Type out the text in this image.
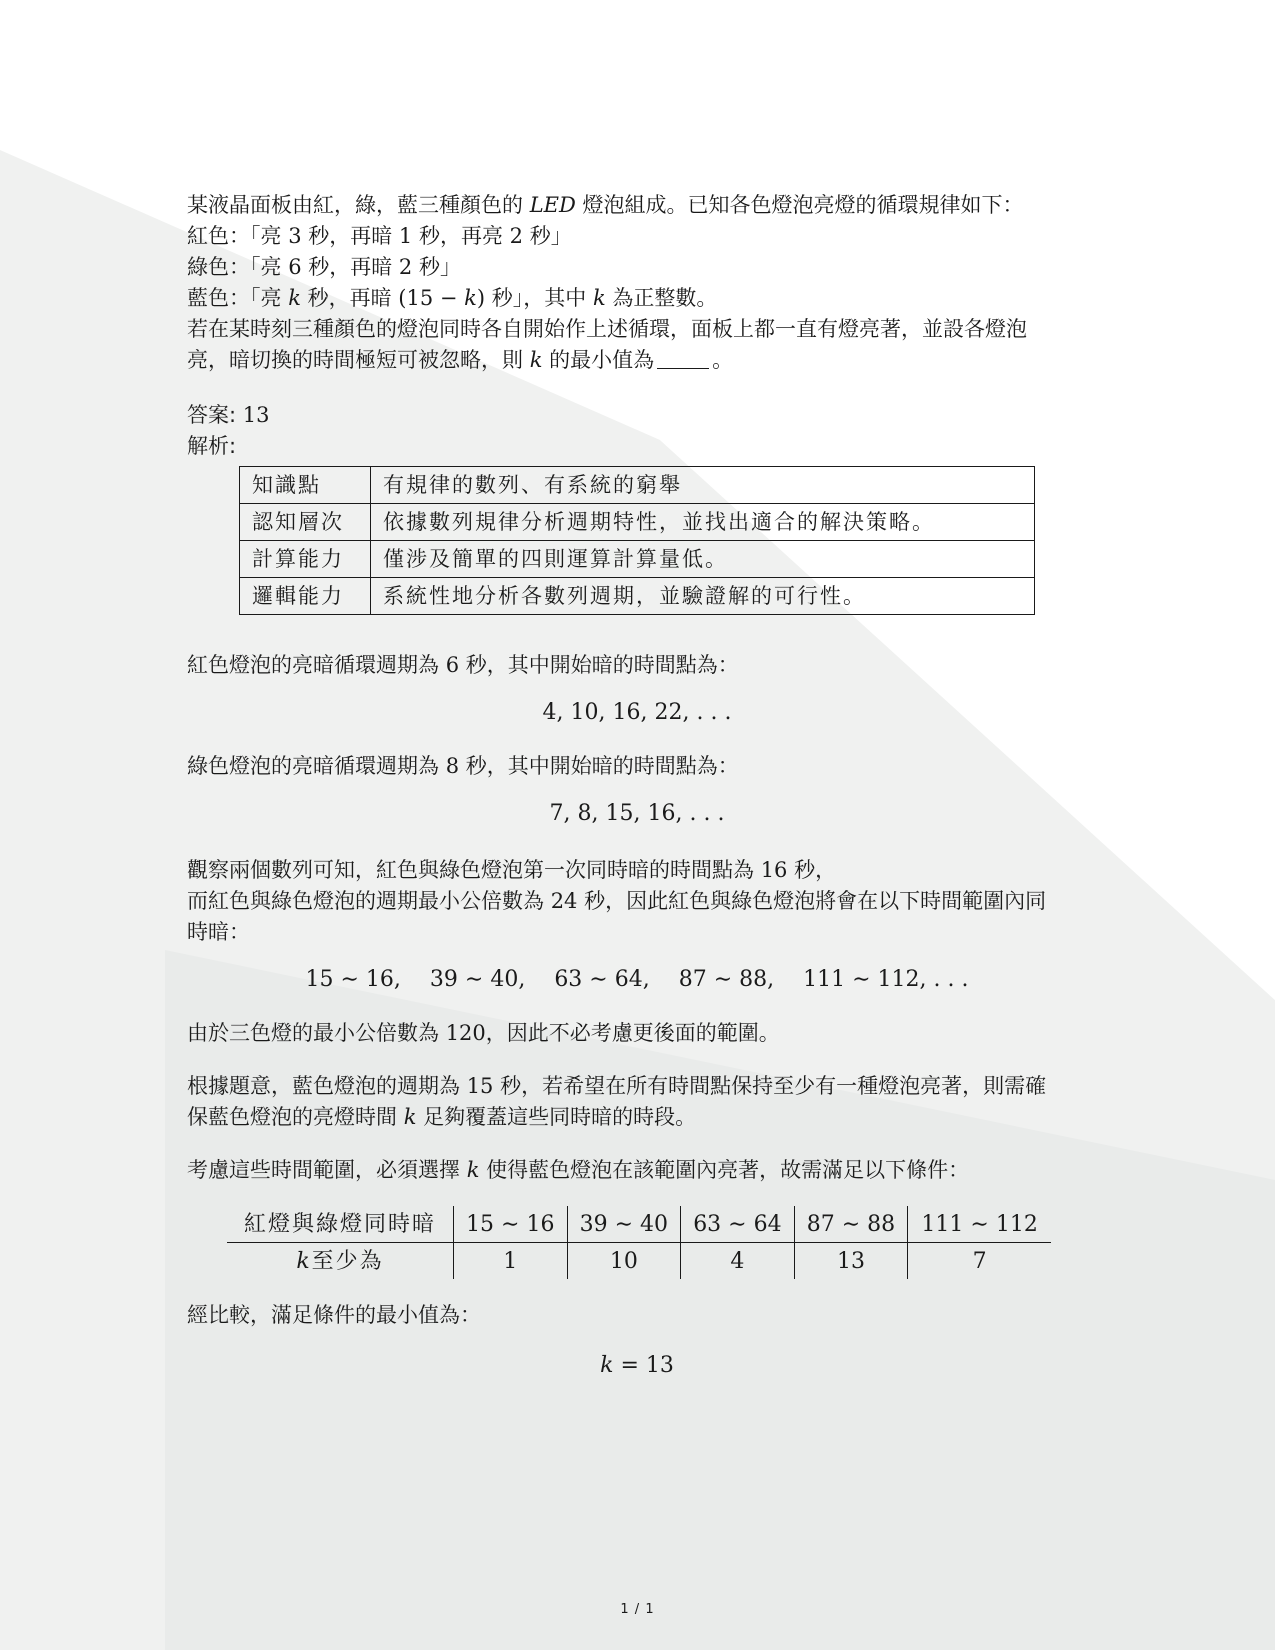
某液晶面板由紅，綠，藍三種顏色的 LED 燈泡組成。已知各色燈泡亮燈的循環規律如下：

紅色：「亮 3 秒，再暗 1 秒，再亮 2 秒」

綠色：「亮 6 秒，再暗 2 秒」

藍色：「亮 k 秒，再暗 (15 − k) 秒」，其中 k 為正整數。

若在某時刻三種顏色的燈泡同時各自開始作上述循環，面板上都一直有燈亮著，並設各燈泡

亮，暗切換的時間極短可被忽略，則 k 的最小值為	。

答案: 13

解析:

知識點	有規律的數列、有系統的窮舉
認知層次	依據數列規律分析週期特性，並找出適合的解決策略。
計算能力	僅涉及簡單的四則運算計算量低。
邏輯能力	系統性地分析各數列週期，並驗證解的可行性。

紅色燈泡的亮暗循環週期為 6 秒，其中開始暗的時間點為：

4, 10, 16, 22, . . .

綠色燈泡的亮暗循環週期為 8 秒，其中開始暗的時間點為：

7, 8, 15, 16, . . .

觀察兩個數列可知，紅色與綠色燈泡第一次同時暗的時間點為 16 秒，

而紅色與綠色燈泡的週期最小公倍數為 24 秒，因此紅色與綠色燈泡將會在以下時間範圍內同

時暗：

15 ∼ 16, 39 ∼ 40, 63 ∼ 64, 87 ∼ 88, 111 ∼ 112, . . .

由於三色燈的最小公倍數為 120，因此不必考慮更後面的範圍。

根據題意，藍色燈泡的週期為 15 秒，若希望在所有時間點保持至少有一種燈泡亮著，則需確

保藍色燈泡的亮燈時間 k 足夠覆蓋這些同時暗的時段。

考慮這些時間範圍，必須選擇 k 使得藍色燈泡在該範圍內亮著，故需滿足以下條件：

紅燈與綠燈同時暗	15 ∼ 16	39 ∼ 40	63 ∼ 64	87 ∼ 88	111 ∼ 112
k至少為	1	10	4	13	7
經比較，滿足條件的最小值為：
k = 13
1 / 1
